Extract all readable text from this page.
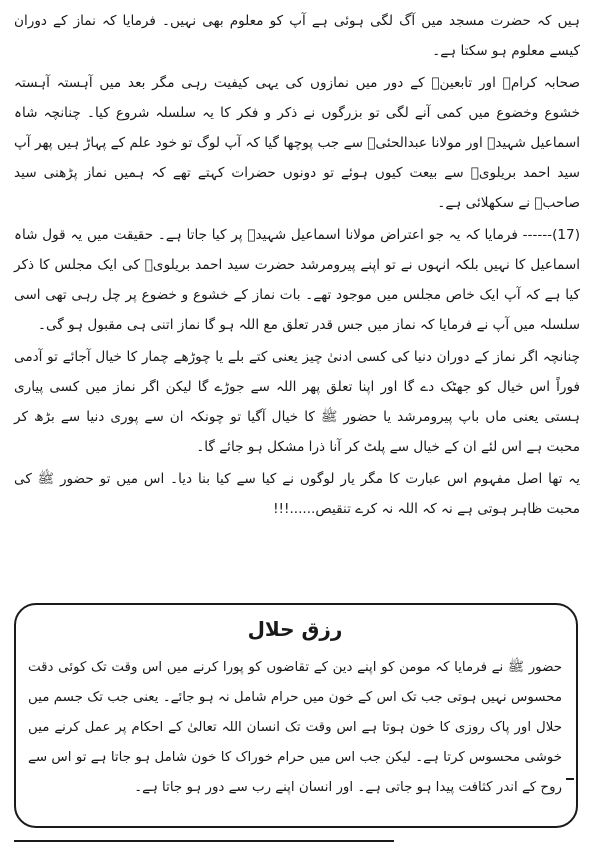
ہیں کہ حضرت مسجد میں آگ لگی ہوئی ہے آپ کو معلوم بھی نہیں۔ فرمایا کہ نماز کے دوران کیسے معلوم ہو سکتا ہے۔

صحابہ کرامؓ اور تابعینؒ کے دور میں نمازوں کی یہی کیفیت رہی مگر بعد میں آہستہ آہستہ خشوع وخضوع میں کمی آنے لگی تو بزرگوں نے ذکر و فکر کا یہ سلسلہ شروع کیا۔ چنانچہ شاہ اسماعیل شہیدؒ اور مولانا عبدالحئیؒ سے جب پوچھا گیا کہ آپ لوگ تو خود علم کے پہاڑ ہیں پھر آپ سید احمد بریلویؒ سے بیعت کیوں ہوئے تو دونوں حضرات کہتے تھے کہ ہمیں نماز پڑھنی سید صاحبؒ نے سکھلائی ہے۔

(17)------ فرمایا کہ یہ جو اعتراض مولانا اسماعیل شہیدؒ پر کیا جاتا ہے۔ حقیقت میں یہ قول شاہ اسماعیل کا نہیں بلکہ انہوں نے تو اپنے پیرومرشد حضرت سید احمد بریلویؒ کی ایک مجلس کا ذکر کیا ہے کہ آپ ایک خاص مجلس میں موجود تھے۔ بات نماز کے خشوع و خضوع پر چل رہی تھی اسی سلسلہ میں آپ نے فرمایا کہ نماز میں جس قدر تعلق مع اللہ ہو گا نماز اتنی ہی مقبول ہو گی۔

چنانچہ اگر نماز کے دوران دنیا کی کسی ادنیٰ چیز یعنی کتے بلے یا چوڑھے چمار کا خیال آجائے تو آدمی فوراً اس خیال کو جھٹک دے گا اور اپنا تعلق پھر اللہ سے جوڑے گا لیکن اگر نماز میں کسی پیاری ہستی یعنی ماں باپ پیرومرشد یا حضور ﷺ کا خیال آگیا تو چونکہ ان سے پوری دنیا سے بڑھ کر محبت ہے اس لئے ان کے خیال سے پلٹ کر آنا ذرا مشکل ہو جائے گا۔

یہ تھا اصل مفہوم اس عبارت کا مگر یار لوگوں نے کیا سے کیا بنا دیا۔ اس میں تو حضور ﷺ کی محبت ظاہر ہوتی ہے نہ کہ اللہ نہ کرے تنقیص......!!!

رزق حلال

حضور ﷺ نے فرمایا کہ مومن کو اپنے دین کے تقاضوں کو پورا کرنے میں اس وقت تک کوئی دقت محسوس نہیں ہوتی جب تک اس کے خون میں حرام شامل نہ ہو جائے۔ یعنی جب تک جسم میں حلال اور پاک روزی کا خون ہوتا ہے اس وقت تک انسان اللہ تعالیٰ کے احکام پر عمل کرنے میں خوشی محسوس کرتا ہے۔ لیکن جب اس میں حرام خوراک کا خون شامل ہو جاتا ہے تو اس سے روح کے اندر کثافت پیدا ہو جاتی ہے۔ اور انسان اپنے رب سے دور ہو جاتا ہے۔
